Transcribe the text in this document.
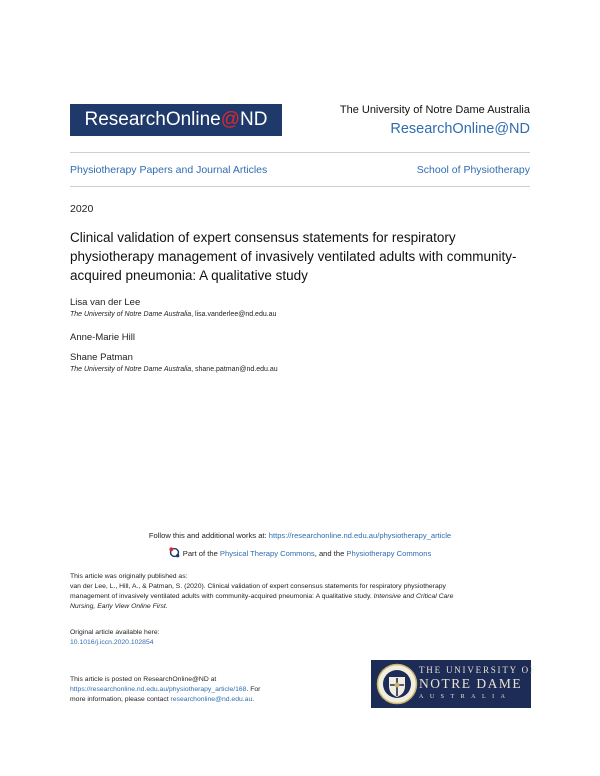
ResearchOnline@ND	The University of Notre Dame Australia
ResearchOnline@ND
Physiotherapy Papers and Journal Articles	School of Physiotherapy
2020
Clinical validation of expert consensus statements for respiratory physiotherapy management of invasively ventilated adults with community-acquired pneumonia: A qualitative study
Lisa van der Lee
The University of Notre Dame Australia, lisa.vanderlee@nd.edu.au
Anne-Marie Hill
Shane Patman
The University of Notre Dame Australia, shane.patman@nd.edu.au
Follow this and additional works at: https://researchonline.nd.edu.au/physiotherapy_article
Part of the Physical Therapy Commons, and the Physiotherapy Commons
This article was originally published as:
van der Lee, L., Hill, A., & Patman, S. (2020). Clinical validation of expert consensus statements for respiratory physiotherapy
management of invasively ventilated adults with community-acquired pneumonia: A qualitative study. Intensive and Critical Care
Nursing, Early View Online First.
Original article available here:
10.1016/j.iccn.2020.102854
This article is posted on ResearchOnline@ND at
https://researchonline.nd.edu.au/physiotherapy_article/168. For
more information, please contact researchonline@nd.edu.au.
THE UNIVERSITY OF
NOTRE DAME
AUSTRALIA
